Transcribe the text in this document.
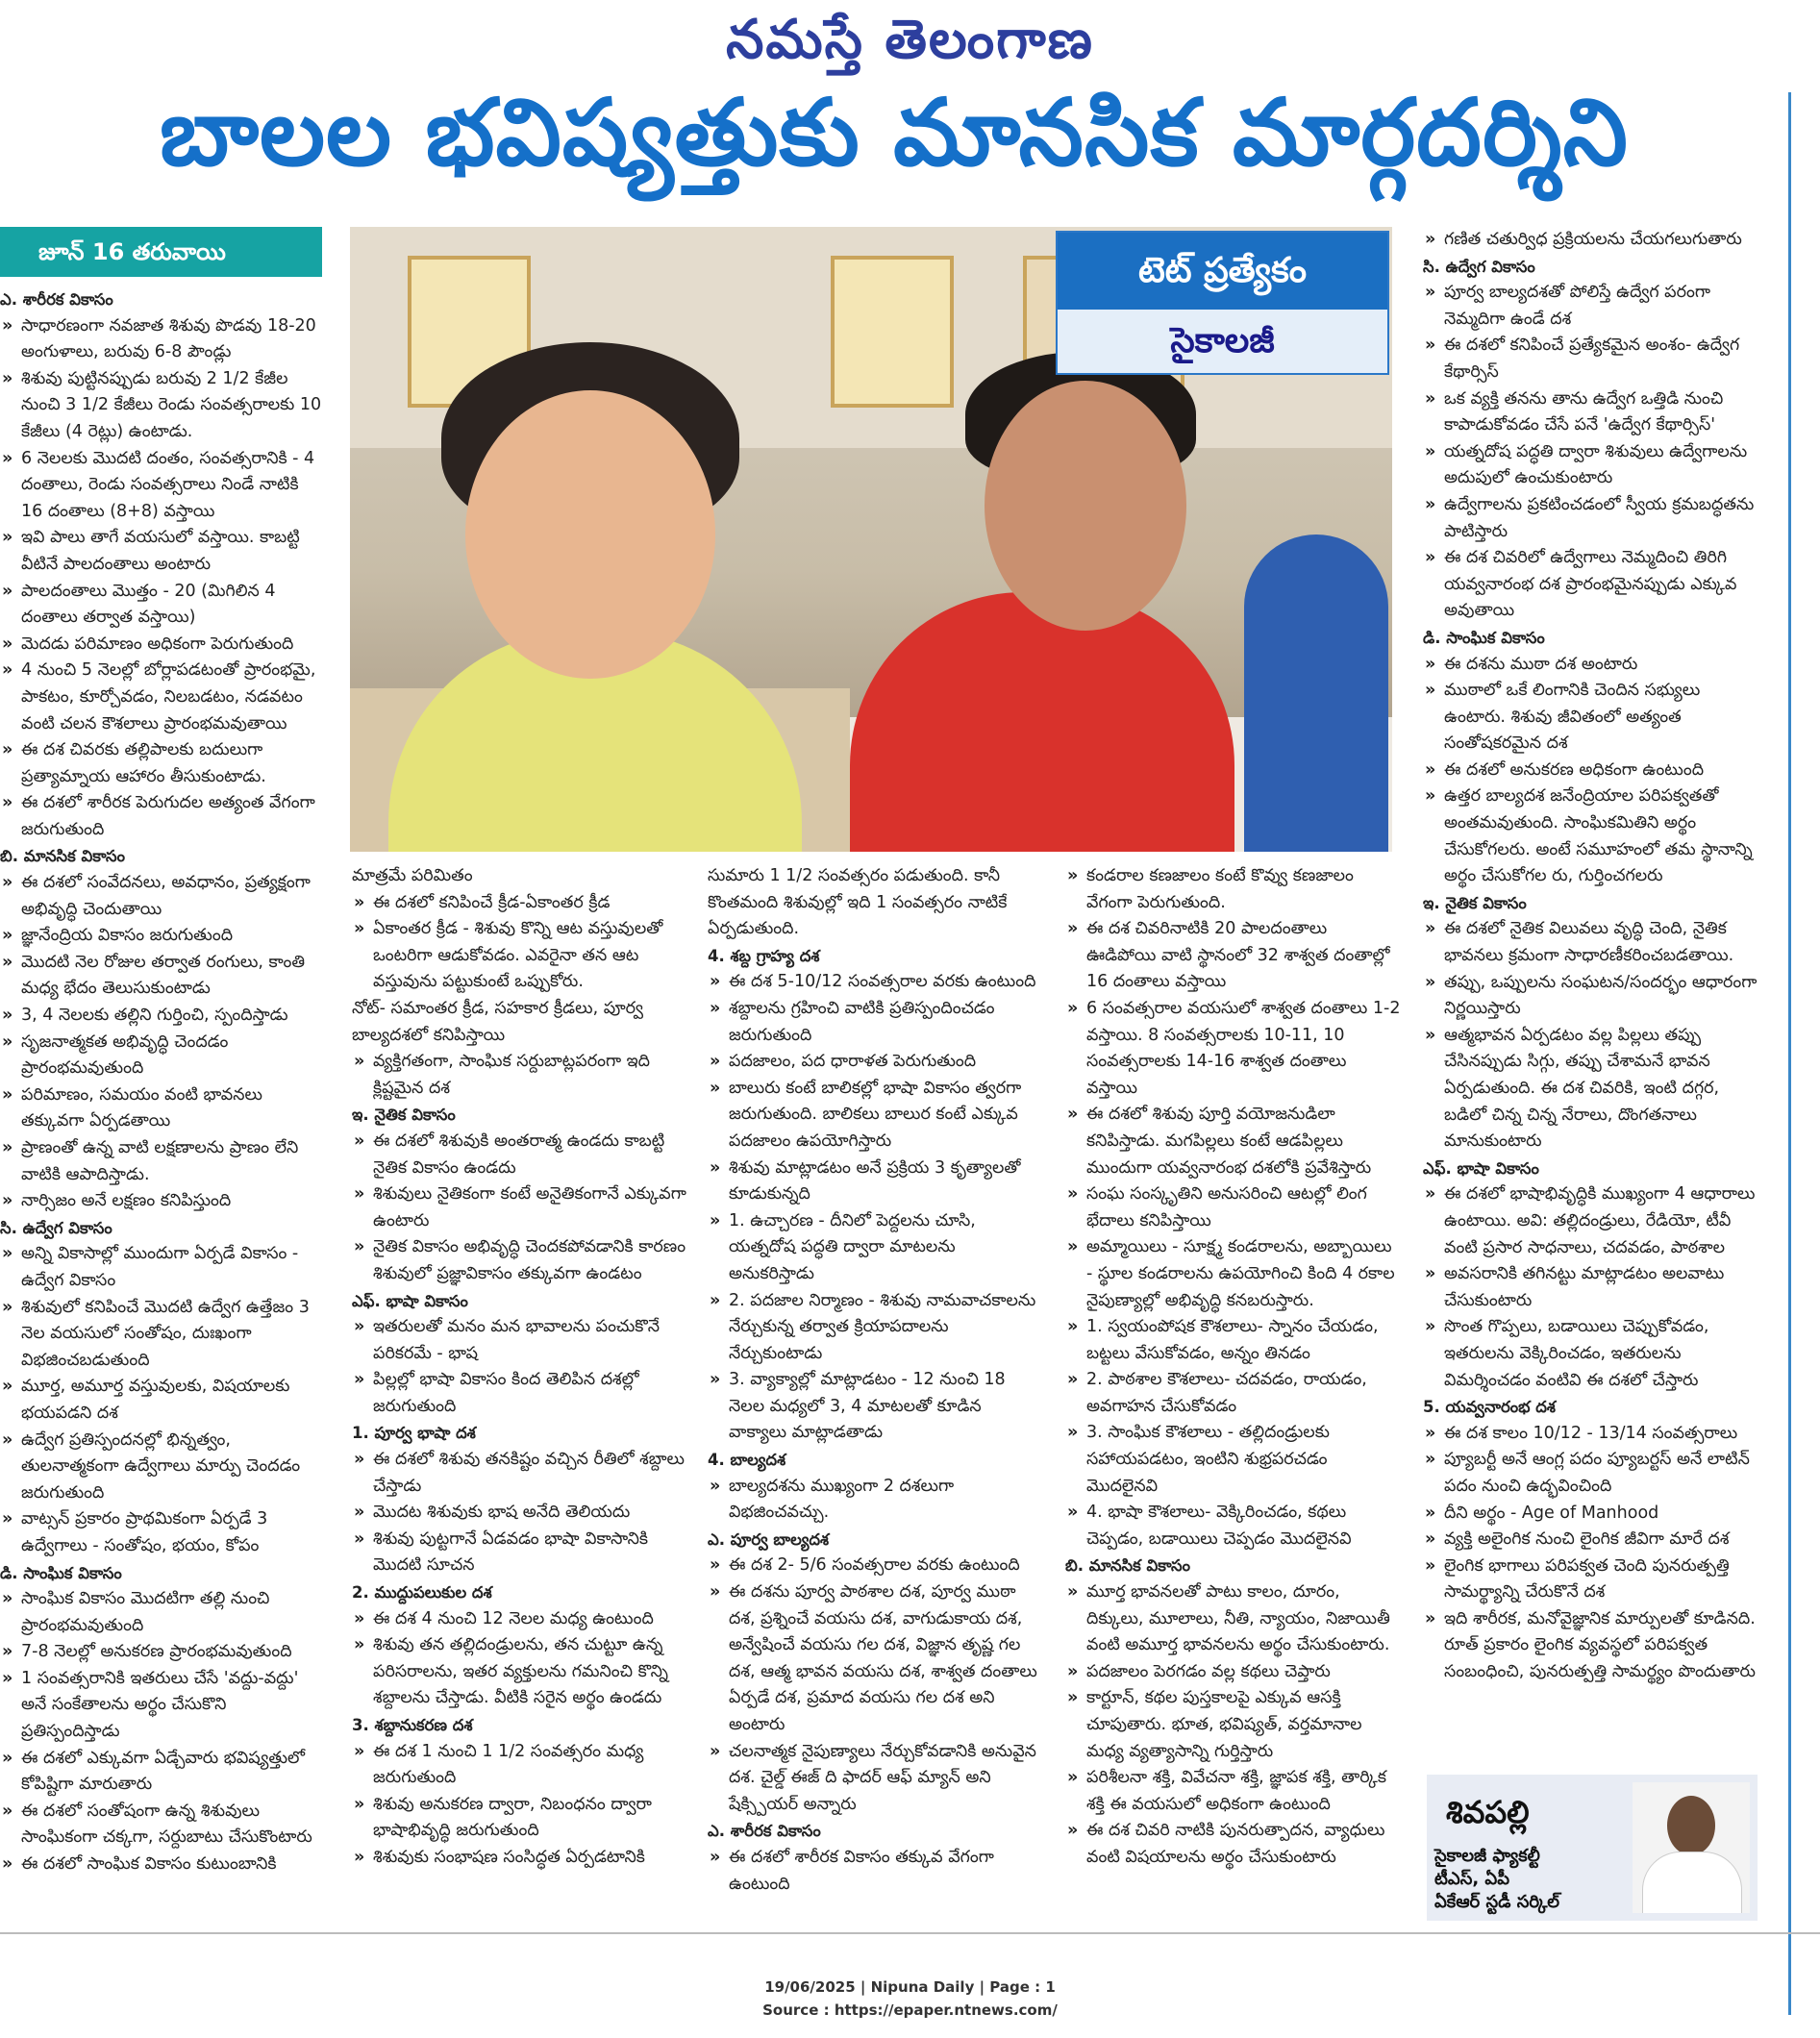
నమస్తే తెలంగాణ
బాలల భవిష్యత్తుకు మానసిక మార్గదర్శిని
జూన్ 16 తరువాయి	టెట్ ప్రత్యేకం
సైకాలజీ
ఎ. శారీరక వికాసం

» సాధారణంగా నవజాత శిశువు పొడవు 18-20 అంగుళాలు, బరువు 6-8 పౌండ్లు

» శిశువు పుట్టినప్పుడు బరువు 2 1/2 కేజీల నుంచి 3 1/2 కేజీలు రెండు సంవత్సరాలకు 10 కేజీలు (4 రెట్లు) ఉంటాడు.

» 6 నెలలకు మొదటి దంతం, సంవత్సరానికి - 4 దంతాలు, రెండు సంవత్సరాలు నిండే నాటికి 16 దంతాలు (8+8) వస్తాయి

» ఇవి పాలు తాగే వయసులో వస్తాయి. కాబట్టి వీటినే పాలదంతాలు అంటారు

» పాలదంతాలు మొత్తం - 20 (మిగిలిన 4 దంతాలు తర్వాత వస్తాయి)

» మెదడు పరిమాణం అధికంగా పెరుగుతుంది

» 4 నుంచి 5 నెలల్లో బోర్లాపడటంతో ప్రారంభమై, పాకటం, కూర్చోవడం, నిలబడటం, నడవటం వంటి చలన కౌశలాలు ప్రారంభమవుతాయి

» ఈ దశ చివరకు తల్లిపాలకు బదులుగా ప్రత్యామ్నాయ ఆహారం తీసుకుంటాడు.

» ఈ దశలో శారీరక పెరుగుదల అత్యంత వేగంగా జరుగుతుంది

బి. మానసిక వికాసం

» ఈ దశలో సంవేదనలు, అవధానం, ప్రత్యక్షంగా అభివృద్ధి చెందుతాయి

» జ్ఞానేంద్రియ వికాసం జరుగుతుంది

» మొదటి నెల రోజుల తర్వాత రంగులు, కాంతి మధ్య భేదం తెలుసుకుంటాడు

» 3, 4 నెలలకు తల్లిని గుర్తించి, స్పందిస్తాడు

» సృజనాత్మకత అభివృద్ధి చెందడం ప్రారంభమవుతుంది

» పరిమాణం, సమయం వంటి భావనలు తక్కువగా ఏర్పడతాయి

» ప్రాణంతో ఉన్న వాటి లక్షణాలను ప్రాణం లేని వాటికి ఆపాదిస్తాడు.

» నార్సిజం అనే లక్షణం కనిపిస్తుంది

సి. ఉద్వేగ వికాసం

» అన్ని వికాసాల్లో ముందుగా ఏర్పడే వికాసం - ఉద్వేగ వికాసం

» శిశువులో కనిపించే మొదటి ఉద్వేగ ఉత్తేజం 3 నెల వయసులో సంతోషం, దుఃఖంగా విభజించబడుతుంది

» మూర్త, అమూర్త వస్తువులకు, విషయాలకు భయపడని దశ

» ఉద్వేగ ప్రతిస్పందనల్లో భిన్నత్వం, తులనాత్మకంగా ఉద్వేగాలు మార్పు చెందడం జరుగుతుంది

» వాట్సన్ ప్రకారం ప్రాథమికంగా ఏర్పడే 3 ఉద్వేగాలు - సంతోషం, భయం, కోపం

డి. సాంఘిక వికాసం

» సాంఘిక వికాసం మొదటిగా తల్లి నుంచి ప్రారంభమవుతుంది

» 7-8 నెలల్లో అనుకరణ ప్రారంభమవుతుంది

» 1 సంవత్సరానికి ఇతరులు చేసే 'వద్దు-వద్దు' అనే సంకేతాలను అర్థం చేసుకొని ప్రతిస్పందిస్తాడు

» ఈ దశలో ఎక్కువగా ఏడ్చేవారు భవిష్యత్తులో కోపిష్టిగా మారుతారు

» ఈ దశలో సంతోషంగా ఉన్న శిశువులు సాంఘికంగా చక్కగా, సర్దుబాటు చేసుకొంటారు

» ఈ దశలో సాంఘిక వికాసం కుటుంబానికి

మాత్రమే పరిమితం

» ఈ దశలో కనిపించే క్రీడ-ఏకాంతర క్రీడ

» ఏకాంతర క్రీడ - శిశువు కొన్ని ఆట వస్తువులతో ఒంటరిగా ఆడుకోవడం. ఎవరైనా తన ఆట వస్తువును పట్టుకుంటే ఒప్పుకోరు.

నోట్- సమాంతర క్రీడ, సహకార క్రీడలు, పూర్వ బాల్యదశలో కనిపిస్తాయి

» వ్యక్తిగతంగా, సాంఘిక సర్దుబాట్లపరంగా ఇది క్లిష్టమైన దశ

ఇ. నైతిక వికాసం

» ఈ దశలో శిశువుకి అంతరాత్మ ఉండదు కాబట్టి నైతిక వికాసం ఉండదు

» శిశువులు నైతికంగా కంటే అనైతికంగానే ఎక్కువగా ఉంటారు

» నైతిక వికాసం అభివృద్ధి చెందకపోవడానికి కారణం శిశువులో ప్రజ్ఞావికాసం తక్కువగా ఉండటం

ఎఫ్. భాషా వికాసం

» ఇతరులతో మనం మన భావాలను పంచుకొనే పరికరమే - భాష

» పిల్లల్లో భాషా వికాసం కింద తెలిపిన దశల్లో జరుగుతుంది

1. పూర్వ భాషా దశ

» ఈ దశలో శిశువు తనకిష్టం వచ్చిన రీతిలో శబ్దాలు చేస్తాడు

» మొదట శిశువుకు భాష అనేది తెలియదు

» శిశువు పుట్టగానే ఏడవడం భాషా వికాసానికి మొదటి సూచన

2. ముద్దుపలుకుల దశ

» ఈ దశ 4 నుంచి 12 నెలల మధ్య ఉంటుంది

» శిశువు తన తల్లిదండ్రులను, తన చుట్టూ ఉన్న పరిసరాలను, ఇతర వ్యక్తులను గమనించి కొన్ని శబ్దాలను చేస్తాడు. వీటికి సరైన అర్థం ఉండదు

3. శబ్దానుకరణ దశ

» ఈ దశ 1 నుంచి 1 1/2 సంవత్సరం మధ్య జరుగుతుంది

» శిశువు అనుకరణ ద్వారా, నిబంధనం ద్వారా భాషాభివృద్ధి జరుగుతుంది

» శిశువుకు సంభాషణ సంసిద్ధత ఏర్పడటానికి

సుమారు 1 1/2 సంవత్సరం పడుతుంది. కానీ కొంతమంది శిశువుల్లో ఇది 1 సంవత్సరం నాటికే ఏర్పడుతుంది.

4. శబ్ద గ్రాహ్య దశ

» ఈ దశ 5-10/12 సంవత్సరాల వరకు ఉంటుంది

» శబ్దాలను గ్రహించి వాటికి ప్రతిస్పందించడం జరుగుతుంది

» పదజాలం, పద ధారాళత పెరుగుతుంది

» బాలురు కంటే బాలికల్లో భాషా వికాసం త్వరగా జరుగుతుంది. బాలికలు బాలుర కంటే ఎక్కువ పదజాలం ఉపయోగిస్తారు

» శిశువు మాట్లాడటం అనే ప్రక్రియ 3 కృత్యాలతో కూడుకున్నది

» 1. ఉచ్చారణ - దీనిలో పెద్దలను చూసి, యత్నదోష పద్ధతి ద్వారా మాటలను అనుకరిస్తాడు

» 2. పదజాల నిర్మాణం - శిశువు నామవాచకాలను నేర్చుకున్న తర్వాత క్రియాపదాలను నేర్చుకుంటాడు

» 3. వ్యాక్యాల్లో మాట్లాడటం - 12 నుంచి 18 నెలల మధ్యలో 3, 4 మాటలతో కూడిన వాక్యాలు మాట్లాడతాడు

4. బాల్యదశ

» బాల్యదశను ముఖ్యంగా 2 దశలుగా విభజించవచ్చు.

ఎ. పూర్వ బాల్యదశ

» ఈ దశ 2- 5/6 సంవత్సరాల వరకు ఉంటుంది

» ఈ దశను పూర్వ పాఠశాల దశ, పూర్వ ముఠా దశ, ప్రశ్నించే వయసు దశ, వాగుడుకాయ దశ, అన్వేషించే వయసు గల దశ, విజ్ఞాన తృష్ణ గల దశ, ఆత్మ భావన వయసు దశ, శాశ్వత దంతాలు ఏర్పడే దశ, ప్రమాద వయసు గల దశ అని అంటారు

» చలనాత్మక నైపుణ్యాలు నేర్చుకోవడానికి అనువైన దశ. చైల్డ్ ఈజ్ ది ఫాదర్ ఆఫ్ మ్యాన్ అని షేక్స్పియర్ అన్నారు

ఎ. శారీరక వికాసం

» ఈ దశలో శారీరక వికాసం తక్కువ వేగంగా ఉంటుంది

» కండరాల కణజాలం కంటే కొవ్వు కణజాలం వేగంగా పెరుగుతుంది.

» ఈ దశ చివరినాటికి 20 పాలదంతాలు ఊడిపోయి వాటి స్థానంలో 32 శాశ్వత దంతాల్లో 16 దంతాలు వస్తాయి

» 6 సంవత్సరాల వయసులో శాశ్వత దంతాలు 1-2 వస్తాయి. 8 సంవత్సరాలకు 10-11, 10 సంవత్సరాలకు 14-16 శాశ్వత దంతాలు వస్తాయి

» ఈ దశలో శిశువు పూర్తి వయోజనుడిలా కనిపిస్తాడు. మగపిల్లలు కంటే ఆడపిల్లలు ముందుగా యవ్వనారంభ దశలోకి ప్రవేశిస్తారు

» సంఘ సంస్కృతిని అనుసరించి ఆటల్లో లింగ భేదాలు కనిపిస్తాయి

» అమ్మాయిలు - సూక్ష్మ కండరాలను, అబ్బాయిలు - స్థూల కండరాలను ఉపయోగించి కింది 4 రకాల నైపుణ్యాల్లో అభివృద్ధి కనబరుస్తారు.

» 1. స్వయంపోషక కౌశలాలు- స్నానం చేయడం, బట్టలు వేసుకోవడం, అన్నం తినడం

» 2. పాఠశాల కౌశలాలు- చదవడం, రాయడం, అవగాహన చేసుకోవడం

» 3. సాంఘిక కౌశలాలు - తల్లిదండ్రులకు సహాయపడటం, ఇంటిని శుభ్రపరచడం మొదలైనవి

» 4. భాషా కౌశలాలు- వెక్కిరించడం, కథలు చెప్పడం, బడాయిలు చెప్పడం మొదలైనవి

బి. మానసిక వికాసం

» మూర్త భావనలతో పాటు కాలం, దూరం, దిక్కులు, మూలాలు, నీతి, న్యాయం, నిజాయితీ వంటి అమూర్త భావనలను అర్థం చేసుకుంటారు.

» పదజాలం పెరగడం వల్ల కథలు చెప్తారు

» కార్టూన్, కథల పుస్తకాలపై ఎక్కువ ఆసక్తి చూపుతారు. భూత, భవిష్యత్, వర్తమానాల మధ్య వ్యత్యాసాన్ని గుర్తిస్తారు

» పరిశీలనా శక్తి, వివేచనా శక్తి, జ్ఞాపక శక్తి, తార్కిక శక్తి ఈ వయసులో అధికంగా ఉంటుంది

» ఈ దశ చివరి నాటికి పునరుత్పాదన, వ్యాధులు వంటి విషయాలను అర్థం చేసుకుంటారు

» గణిత చతుర్విధ ప్రక్రియలను చేయగలుగుతారు

సి. ఉద్వేగ వికాసం

» పూర్వ బాల్యదశతో పోలిస్తే ఉద్వేగ పరంగా నెమ్మదిగా ఉండే దశ

» ఈ దశలో కనిపించే ప్రత్యేకమైన అంశం- ఉద్వేగ కేథార్సిస్

» ఒక వ్యక్తి తనను తాను ఉద్వేగ ఒత్తిడి నుంచి కాపాడుకోవడం చేసే పనే 'ఉద్వేగ కేథార్సిస్'

» యత్నదోష పద్ధతి ద్వారా శిశువులు ఉద్వేగాలను అదుపులో ఉంచుకుంటారు

» ఉద్వేగాలను ప్రకటించడంలో స్వీయ క్రమబద్ధతను పాటిస్తారు

» ఈ దశ చివరిలో ఉద్వేగాలు నెమ్మదించి తిరిగి యవ్వనారంభ దశ ప్రారంభమైనప్పుడు ఎక్కువ అవుతాయి

డి. సాంఘిక వికాసం

» ఈ దశను ముఠా దశ అంటారు

» ముఠాలో ఒకే లింగానికి చెందిన సభ్యులు ఉంటారు. శిశువు జీవితంలో అత్యంత సంతోషకరమైన దశ

» ఈ దశలో అనుకరణ అధికంగా ఉంటుంది

» ఉత్తర బాల్యదశ జనేంద్రియాల పరిపక్వతతో అంతమవుతుంది. సాంఘికమితిని అర్థం చేసుకోగలరు. అంటే సమూహంలో తమ స్థానాన్ని అర్థం చేసుకోగల రు, గుర్తించగలరు

ఇ. నైతిక వికాసం

» ఈ దశలో నైతిక విలువలు వృద్ధి చెంది, నైతిక భావనలు క్రమంగా సాధారణీకరించబడతాయి.

» తప్పు, ఒప్పులను సంఘటన/సందర్భం ఆధారంగా నిర్ణయిస్తారు

» ఆత్మభావన ఏర్పడటం వల్ల పిల్లలు తప్పు చేసినప్పుడు సిగ్గు, తప్పు చేశామనే భావన ఏర్పడుతుంది. ఈ దశ చివరికి, ఇంటి దగ్గర, బడిలో చిన్న చిన్న నేరాలు, దొంగతనాలు మానుకుంటారు

ఎఫ్. భాషా వికాసం

» ఈ దశలో భాషాభివృద్ధికి ముఖ్యంగా 4 ఆధారాలు ఉంటాయి. అవి: తల్లిదండ్రులు, రేడియో, టీవీ వంటి ప్రసార సాధనాలు, చదవడం, పాఠశాల

» అవసరానికి తగినట్టు మాట్లాడటం అలవాటు చేసుకుంటారు

» సొంత గొప్పలు, బడాయిలు చెప్పుకోవడం, ఇతరులను వెక్కిరించడం, ఇతరులను విమర్శించడం వంటివి ఈ దశలో చేస్తారు

5. యవ్వనారంభ దశ

» ఈ దశ కాలం 10/12 - 13/14 సంవత్సరాలు

» ప్యూబర్టీ అనే ఆంగ్ల పదం ప్యూబర్టస్ అనే లాటిన్ పదం నుంచి ఉద్భవించింది

» దీని అర్థం - Age of Manhood

» వ్యక్తి అలైంగిక నుంచి లైంగిక జీవిగా మారే దశ

» లైంగిక భాగాలు పరిపక్వత చెంది పునరుత్పత్తి సామర్థ్యాన్ని చేరుకొనే దశ

» ఇది శారీరక, మనోవైజ్ఞానిక మార్పులతో కూడినది. రూత్ ప్రకారం లైంగిక వ్యవస్థలో పరిపక్వత సంబంధించి, పునరుత్పత్తి సామర్థ్యం పొందుతారు

శివపల్లి
సైకాలజీ ఫ్యాకల్టీ
టీఎస్, ఏపీ
ఏకేఆర్ స్టడీ సర్కిల్
19/06/2025 | Nipuna Daily | Page : 1
Source : https://epaper.ntnews.com/
